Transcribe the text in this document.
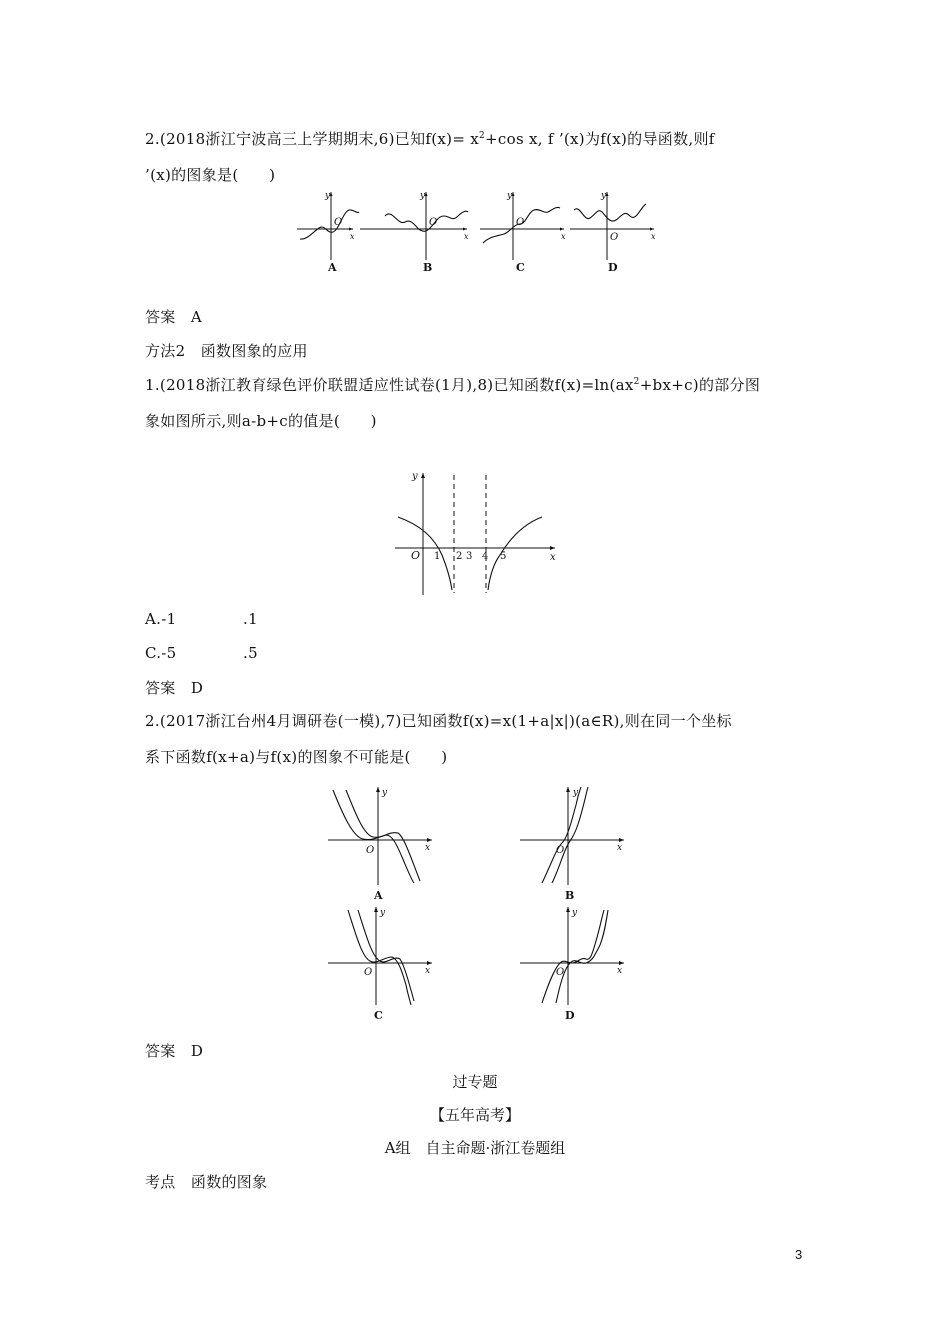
2.(2018浙江宁波高三上学期期末,6)已知$f(x)= x^2+\cos$ x, f ’(x)为f(x)的导函数,则f
’(x)的图象是(　　)
y
O
x
A
y
O
x
B
y
O
x
C
y
O	x
D
答案　A
方法2　函数图象的应用
1.(2018浙江教育绿色评价联盟适应性试卷(1月),8)已知函数$f(x)=\ln(ax^2+bx+c)$的部分图
象如图所示,则a-b+c的值是(　　)
y
x
O 1 2 3 4 5
A.-1	.1
C.-5	.5
答案　D
2.(2017浙江台州4月调研卷(一模),7)已知函数f(x)=x(1+a|x|)(a∈R),则在同一个坐标
系下函数f(x+a)与f(x)的图象不可能是(　　)
y
O	x
A
y
O	x
B
y
O	x
C
y
O	x
D
答案　D
过专题
【五年高考】
A组　自主命题·浙江卷题组
考点　函数的图象
3
